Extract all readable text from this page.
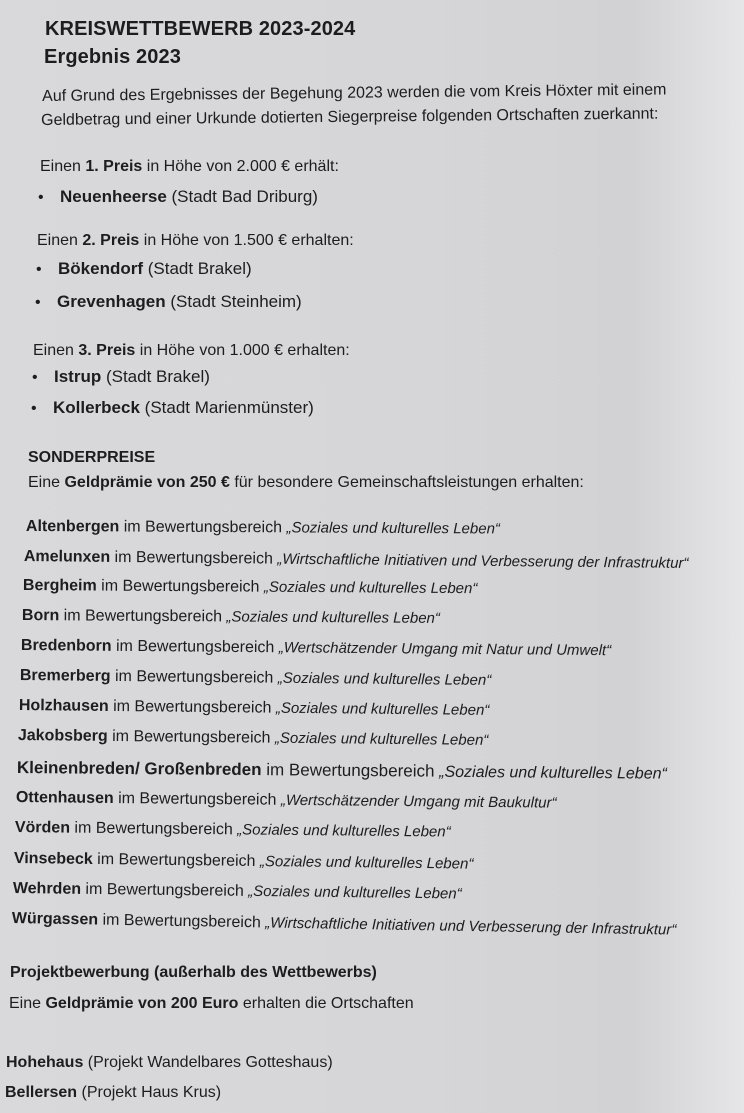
KREISWETTBEWERB 2023-2024
Ergebnis 2023
Auf Grund des Ergebnisses der Begehung 2023 werden die vom Kreis Höxter mit einem
Geldbetrag und einer Urkunde dotierten Siegerpreise folgenden Ortschaften zuerkannt:
Einen 1. Preis in Höhe von 2.000 € erhält:
• Neuenheerse (Stadt Bad Driburg)
Einen 2. Preis in Höhe von 1.500 € erhalten:
• Bökendorf (Stadt Brakel)
• Grevenhagen (Stadt Steinheim)
Einen 3. Preis in Höhe von 1.000 € erhalten:
• Istrup (Stadt Brakel)
• Kollerbeck (Stadt Marienmünster)
SONDERPREISE
Eine Geldprämie von 250 € für besondere Gemeinschaftsleistungen erhalten:
Altenbergen im Bewertungsbereich „Soziales und kulturelles Leben“
Amelunxen im Bewertungsbereich „Wirtschaftliche Initiativen und Verbesserung der Infrastruktur“
Bergheim im Bewertungsbereich „Soziales und kulturelles Leben“
Born im Bewertungsbereich „Soziales und kulturelles Leben“
Bredenborn im Bewertungsbereich „Wertschätzender Umgang mit Natur und Umwelt“
Bremerberg im Bewertungsbereich „Soziales und kulturelles Leben“
Holzhausen im Bewertungsbereich „Soziales und kulturelles Leben“
Jakobsberg im Bewertungsbereich „Soziales und kulturelles Leben“
Kleinenbreden/ Großenbreden im Bewertungsbereich „Soziales und kulturelles Leben“
Ottenhausen im Bewertungsbereich „Wertschätzender Umgang mit Baukultur“
Vörden im Bewertungsbereich „Soziales und kulturelles Leben“
Vinsebeck im Bewertungsbereich „Soziales und kulturelles Leben“
Wehrden im Bewertungsbereich „Soziales und kulturelles Leben“
Würgassen im Bewertungsbereich „Wirtschaftliche Initiativen und Verbesserung der Infrastruktur“
Projektbewerbung (außerhalb des Wettbewerbs)
Eine Geldprämie von 200 Euro erhalten die Ortschaften
Hohehaus (Projekt Wandelbares Gotteshaus)
Bellersen (Projekt Haus Krus)
